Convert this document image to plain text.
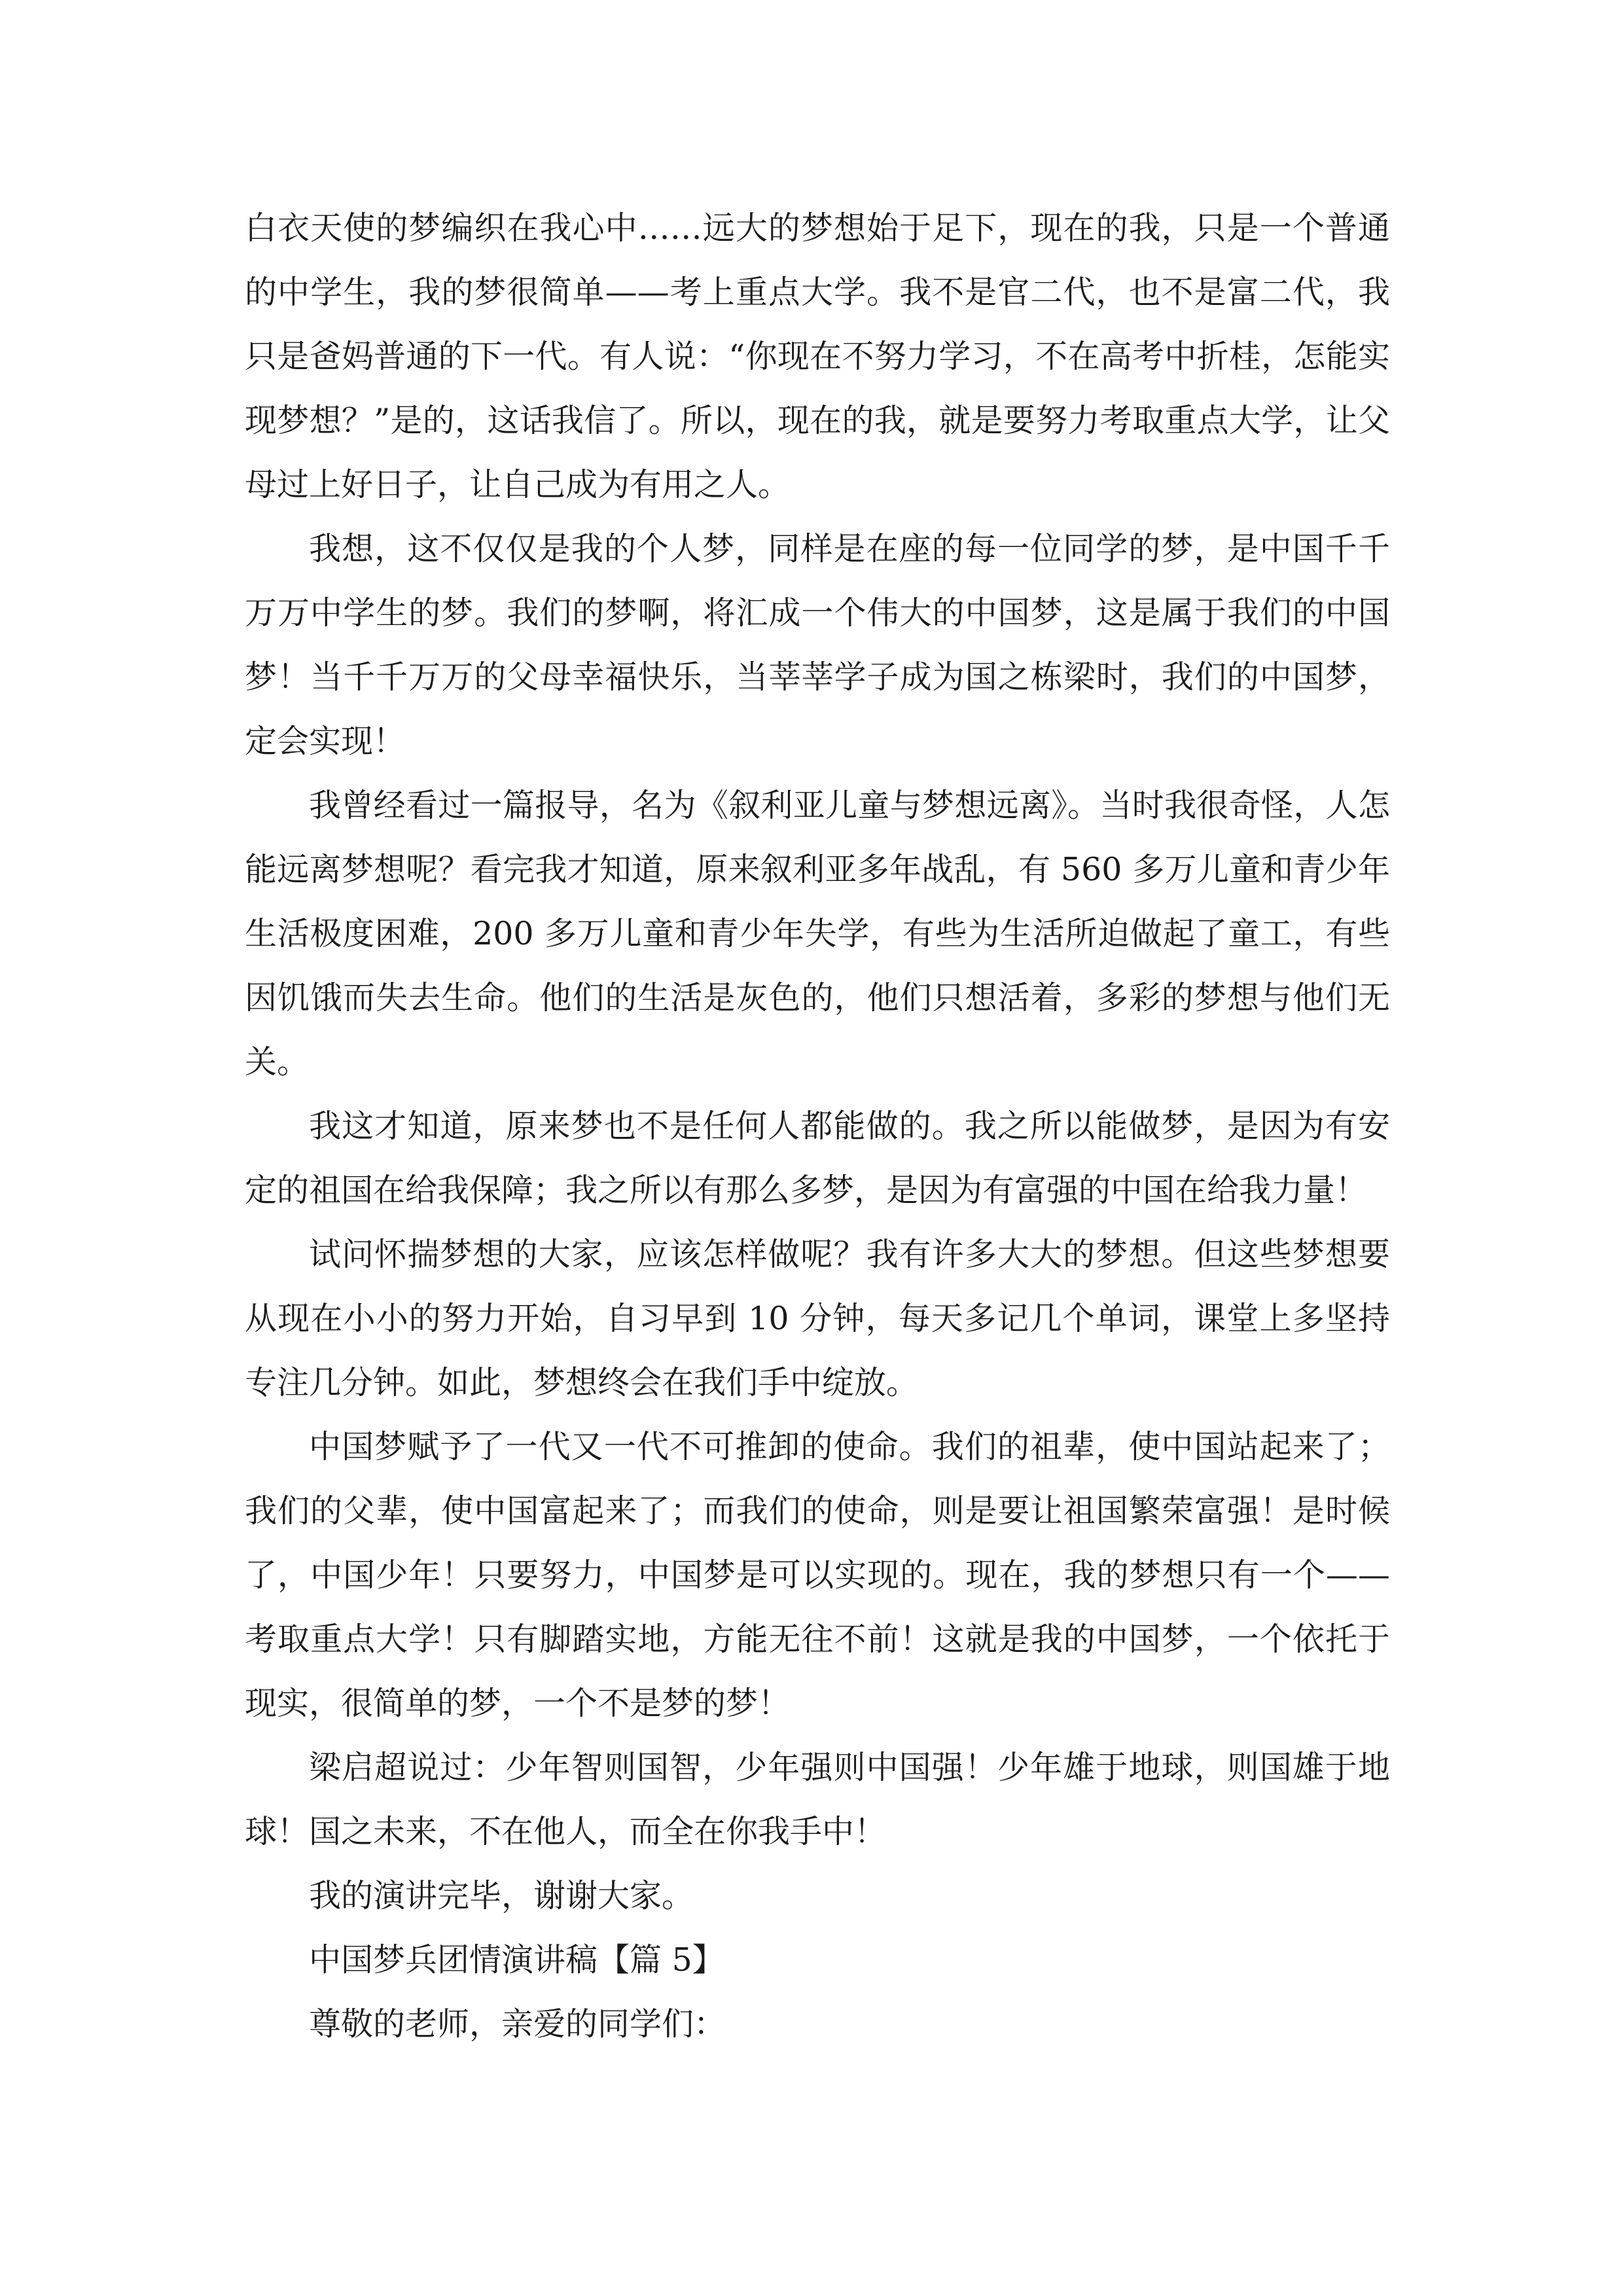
白衣天使的梦编织在我心中……远大的梦想始于足下，现在的我，只是一个普通的中学生，我的梦很简单——考上重点大学。我不是官二代，也不是富二代，我只是爸妈普通的下一代。有人说：“你现在不努力学习，不在高考中折桂，怎能实现梦想？”是的，这话我信了。所以，现在的我，就是要努力考取重点大学，让父母过上好日子，让自己成为有用之人。

我想，这不仅仅是我的个人梦，同样是在座的每一位同学的梦，是中国千千万万中学生的梦。我们的梦啊，将汇成一个伟大的中国梦，这是属于我们的中国梦！当千千万万的父母幸福快乐，当莘莘学子成为国之栋梁时，我们的中国梦，定会实现！

我曾经看过一篇报导，名为《叙利亚儿童与梦想远离》。当时我很奇怪，人怎能远离梦想呢？看完我才知道，原来叙利亚多年战乱，有 560 多万儿童和青少年生活极度困难，200 多万儿童和青少年失学，有些为生活所迫做起了童工，有些因饥饿而失去生命。他们的生活是灰色的，他们只想活着，多彩的梦想与他们无关。

我这才知道，原来梦也不是任何人都能做的。我之所以能做梦，是因为有安定的祖国在给我保障；我之所以有那么多梦，是因为有富强的中国在给我力量！

试问怀揣梦想的大家，应该怎样做呢？我有许多大大的梦想。但这些梦想要从现在小小的努力开始，自习早到 10 分钟，每天多记几个单词，课堂上多坚持专注几分钟。如此，梦想终会在我们手中绽放。

中国梦赋予了一代又一代不可推卸的使命。我们的祖辈，使中国站起来了；我们的父辈，使中国富起来了；而我们的使命，则是要让祖国繁荣富强！是时候了，中国少年！只要努力，中国梦是可以实现的。现在，我的梦想只有一个——考取重点大学！只有脚踏实地，方能无往不前！这就是我的中国梦，一个依托于现实，很简单的梦，一个不是梦的梦！

梁启超说过：少年智则国智，少年强则中国强！少年雄于地球，则国雄于地球！国之未来，不在他人，而全在你我手中！

我的演讲完毕，谢谢大家。

中国梦兵团情演讲稿【篇 5】

尊敬的老师，亲爱的同学们：
